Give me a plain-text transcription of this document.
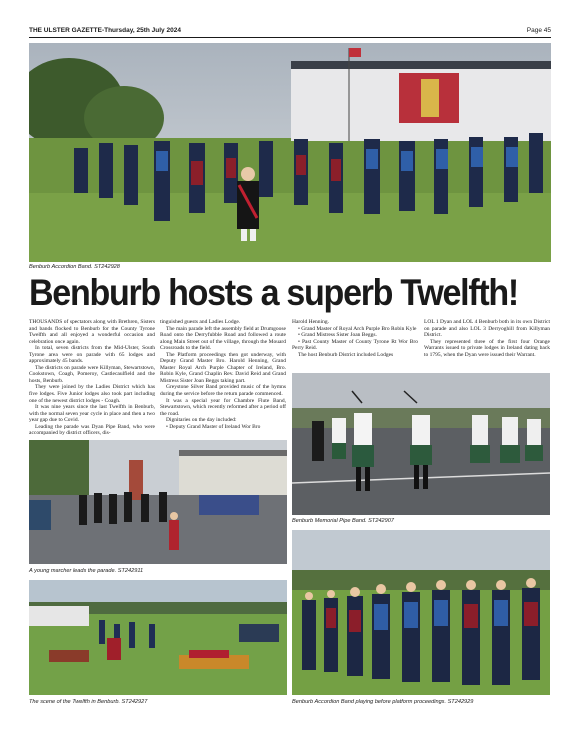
THE ULSTER GAZETTE-Thursday, 25th July 2024	Page 45
Benburb Accordion Band. ST242928
Benburb hosts a superb Twelfth!

THOUSANDS of spectators along with Brethren, Sisters and bands flocked to Benburb for the County Tyrone Twelfth and all enjoyed a wonderful occasion and celebration once again.

In total, seven districts from the Mid-Ulster, South Tyrone area were on parade with 65 lodges and approximately 45 bands.

The districts on parade were Killyman, Stewartstown, Cookstown, Coagh, Pomeroy, Castlecaulfield and the hosts, Benburb.

They were joined by the Ladies District which has five lodges. Five Junior lodges also took part including one of the newest district lodges - Coagh.

It was nine years since the last Twelfth in Benburb, with the normal seven year cycle in place and then a two year gap due to Covid.

Leading the parade was Dyan Pipe Band, who were accompanied by district officers, dis-

tinguished guests and Ladies Lodge.

The main parade left the assembly field at Drumgoose Road onto the Derryfubble Road and followed a route along Main Street out of the village, through the Mouard Crossroads to the field.

The Platform proceedings then got underway, with Deputy Grand Master Bro. Harold Henning, Grand Master Royal Arch Purple Chapter of Ireland, Bro. Robin Kyle, Grand Chaplin Rev. David Reid and Grand Mistress Sister Joan Beggs taking part.

Greystone Silver Band provided music of the hymns during the service before the return parade commenced.

It was a special year for Chambre Flute Band, Stewartstown, which recently reformed after a period off the road.

Dignitaries on the day included:

• Deputy Grand Master of Ireland Wor Bro

Harold Henning.

• Grand Master of Royal Arch Purple Bro Robin Kyle

• Grand Mistress Sister Joan Beggs.

• Past County Master of County Tyrone Rt Wor Bro Perry Reid.

The host Benburb District included Lodges

LOL 1 Dyan and LOL 4 Benburb both in its own District on parade and also LOL 3 Derryoghill from Killyman District.

They represented three of the first four Orange Warrants issued to private lodges in Ireland dating back to 1795, when the Dyan were issued their Warrant.

Benburb Memorial Pipe Band. ST242907
A young marcher leads the parade. ST242911
The scene of the Twelfth in Benburb. ST242927	Benburb Accordion Band playing before platform proceedings. ST242929
